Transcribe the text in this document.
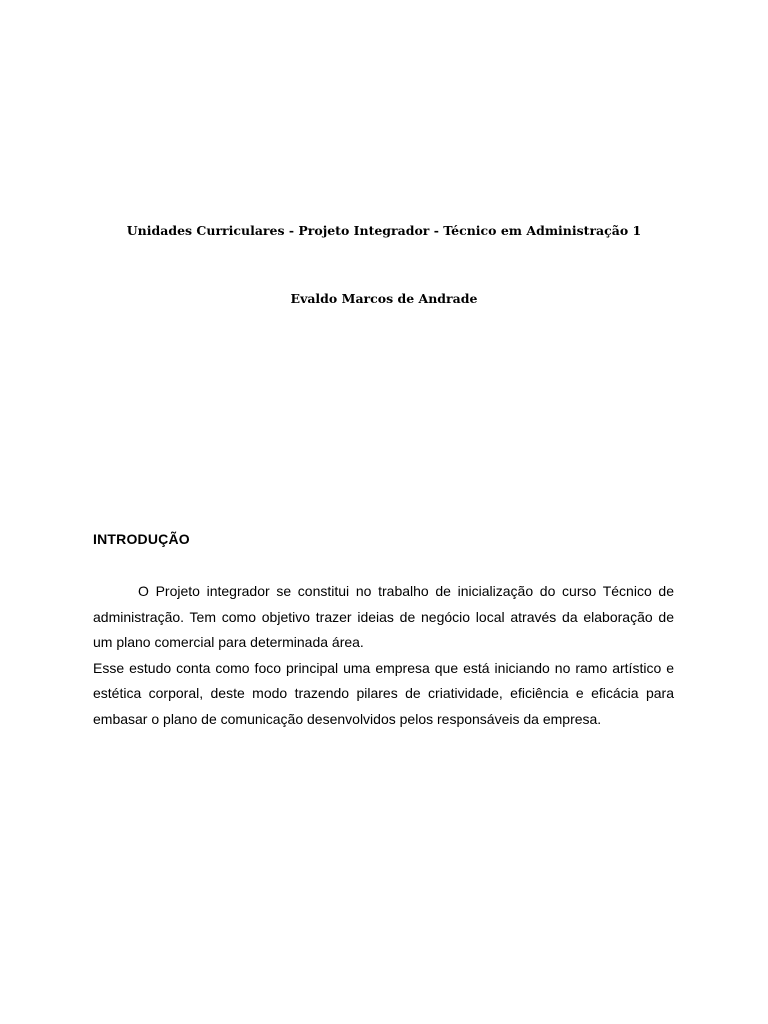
Unidades Curriculares - Projeto Integrador - Técnico em Administração 1
Evaldo Marcos de Andrade
INTRODUÇÃO

O Projeto integrador se constitui no trabalho de inicialização do curso Técnico de administração. Tem como objetivo trazer ideias de negócio local através da elaboração de um plano comercial para determinada área.

Esse estudo conta como foco principal uma empresa que está iniciando no ramo artístico e estética corporal, deste modo trazendo pilares de criatividade, eficiência e eficácia para embasar o plano de comunicação desenvolvidos pelos responsáveis da empresa.
